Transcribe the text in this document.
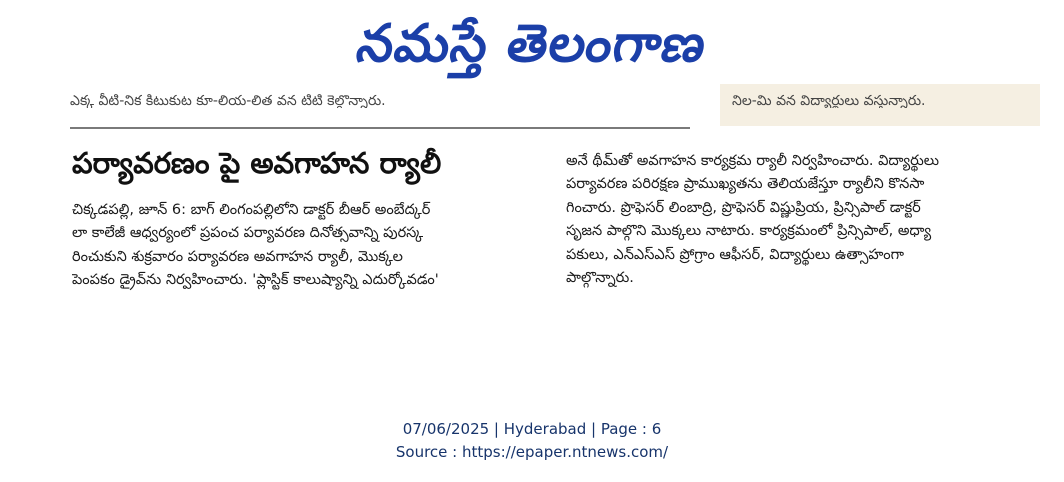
నమస్తే తెలంగాణ
ఎక్క వీటి-నిక కిటుకుట కూ-లియ-లిత వన టిటి కెల్గొన్నారు.	నిల-మి వన విద్యార్థులు వస్తున్నారు.
పర్యావరణం పై అవగాహన ర్యాలీ

చిక్కడపల్లి, జూన్ 6: బాగ్ లింగంపల్లిలోని డాక్టర్ బీఆర్ అంబేద్కర్

లా కాలేజీ ఆధ్వర్యంలో ప్రపంచ పర్యావరణ దినోత్సవాన్ని పురస్క

రించుకుని శుక్రవారం పర్యావరణ అవగాహన ర్యాలీ, మొక్కల

పెంపకం డ్రైవ్‌ను నిర్వహించారు. 'ప్లాస్టిక్ కాలుష్యాన్ని ఎదుర్కోవడం'

అనే థీమ్‌తో అవగాహన కార్యక్రమ ర్యాలీ నిర్వహించారు. విద్యార్థులు

పర్యావరణ పరిరక్షణ ప్రాముఖ్యతను తెలియజేస్తూ ర్యాలీని కొనసా

గించారు. ప్రొఫెసర్ లింబాద్రి, ప్రొఫెసర్ విష్ణుప్రియ, ప్రిన్సిపాల్ డాక్టర్

సృజన పాల్గొని మొక్కలు నాటారు. కార్యక్రమంలో ప్రిన్సిపాల్, అధ్యా

పకులు, ఎన్ఎస్ఎస్ ప్రోగ్రాం ఆఫీసర్, విద్యార్థులు ఉత్సాహంగా

పాల్గొన్నారు.

07/06/2025 | Hyderabad | Page : 6
Source : https://epaper.ntnews.com/
